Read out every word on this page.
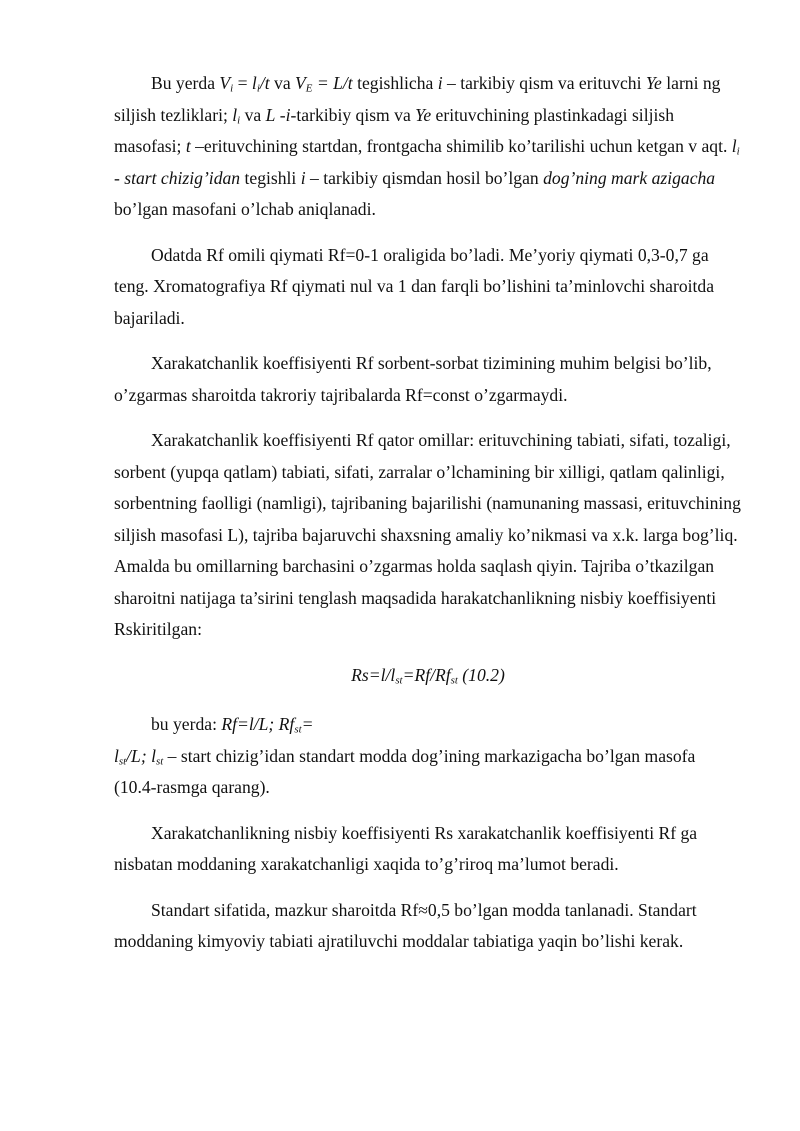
Bu yerda $V_i = l_i/t$ va $V_E = L/t$ tegishlicha i – tarkibiy qism va erituvchi Ye larni ng siljish tezliklari; $l_i$ va L -i-tarkibiy qism va Ye erituvchining plastinkadagi siljish masofasi; t –erituvchining startdan, frontgacha shimilib ko’tarilishi uchun ketgan v aqt. $l_i$ - start chizig’idan tegishli i – tarkibiy qismdan hosil bo’lgan dog’ning mark azigacha bo’lgan masofani o’lchab aniqlanadi.

Odatda Rf omili qiymati Rf=0-1 oraligida bo’ladi. Me’yoriy qiymati 0,3-0,7 ga teng. Xromatografiya Rf qiymati nul va 1 dan farqli bo’lishini ta’minlovchi sharoitda bajariladi.

Xarakatchanlik koeffisiyenti Rf sorbent-sorbat tizimining muhim belgisi bo’lib, o’zgarmas sharoitda takroriy tajribalarda Rf=const o’zgarmaydi.

Xarakatchanlik koeffisiyenti Rf qator omillar: erituvchining tabiati, sifati, tozaligi, sorbent (yupqa qatlam) tabiati, sifati, zarralar o’lchamining bir xilligi, qatlam qalinligi, sorbentning faolligi (namligi), tajribaning bajarilishi (namunaning massasi, erituvchining siljish masofasi L), tajriba bajaruvchi shaxsning amaliy ko’nikmasi va x.k. larga bog’liq. Amalda bu omillarning barchasini o’zgarmas holda saqlash qiyin. Tajriba o’tkazilgan sharoitni natijaga ta’sirini tenglash maqsadida harakatchanlikning nisbiy koeffisiyenti Rskiritilgan:

$Rs=l/l_{st}=Rf/Rf_{st}$ (10.2)

bu yerda: Rf=l/L; $Rf_{st}=$

$l_{st}/L$; $l_{st}$ – start chizig’idan standart modda dog’ining markazigacha bo’lgan masofa (10.4-rasmga qarang).

Xarakatchanlikning nisbiy koeffisiyenti Rs xarakatchanlik koeffisiyenti Rf ga nisbatan moddaning xarakatchanligi xaqida to’g’riroq ma’lumot beradi.

Standart sifatida, mazkur sharoitda Rf≈0,5 bo’lgan modda tanlanadi. Standart moddaning kimyoviy tabiati ajratiluvchi moddalar tabiatiga yaqin bo’lishi kerak.
